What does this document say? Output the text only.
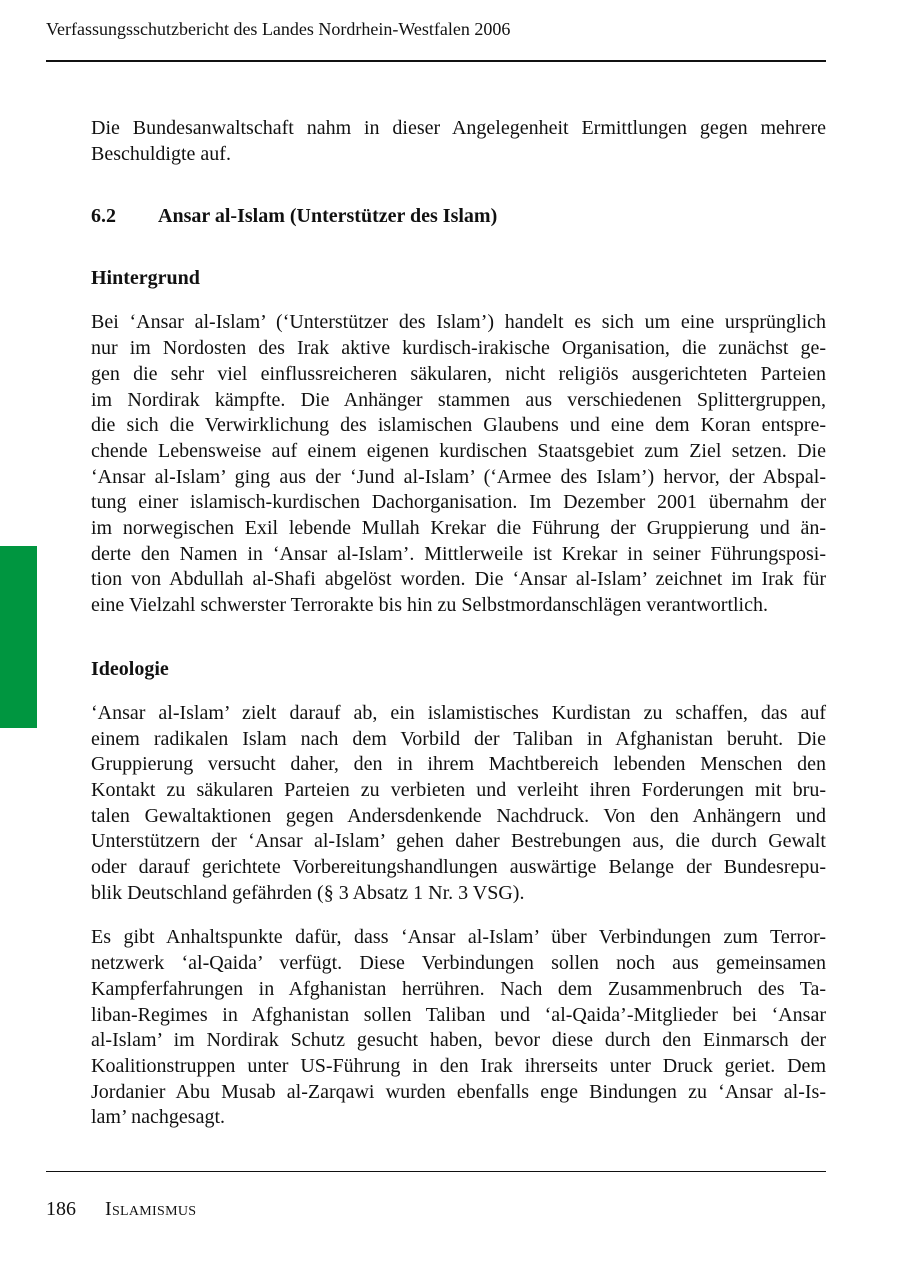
Verfassungsschutzbericht des Landes Nordrhein-Westfalen 2006

Die Bundesanwaltschaft nahm in dieser Angelegenheit Ermittlungen gegen mehrere
Beschuldigte auf.

6.2 Ansar al-Islam (Unterstützer des Islam)

Hintergrund

Bei ‘Ansar al-Islam’ (‘Unterstützer des Islam’) handelt es sich um eine ursprünglich
nur im Nordosten des Irak aktive kurdisch-irakische Organisation, die zunächst ge-
gen die sehr viel einflussreicheren säkularen, nicht religiös ausgerichteten Parteien
im Nordirak kämpfte. Die Anhänger stammen aus verschiedenen Splittergruppen,
die sich die Verwirklichung des islamischen Glaubens und eine dem Koran entspre-
chende Lebensweise auf einem eigenen kurdischen Staatsgebiet zum Ziel setzen. Die
‘Ansar al-Islam’ ging aus der ‘Jund al-Islam’ (‘Armee des Islam’) hervor, der Abspal-
tung einer islamisch-kurdischen Dachorganisation. Im Dezember 2001 übernahm der
im norwegischen Exil lebende Mullah Krekar die Führung der Gruppierung und än-
derte den Namen in ‘Ansar al-Islam’. Mittlerweile ist Krekar in seiner Führungsposi-
tion von Abdullah al-Shafi abgelöst worden. Die ‘Ansar al-Islam’ zeichnet im Irak für
eine Vielzahl schwerster Terrorakte bis hin zu Selbstmordanschlägen verantwortlich.

Ideologie

‘Ansar al-Islam’ zielt darauf ab, ein islamistisches Kurdistan zu schaffen, das auf
einem radikalen Islam nach dem Vorbild der Taliban in Afghanistan beruht. Die
Gruppierung versucht daher, den in ihrem Machtbereich lebenden Menschen den
Kontakt zu säkularen Parteien zu verbieten und verleiht ihren Forderungen mit bru-
talen Gewaltaktionen gegen Andersdenkende Nachdruck. Von den Anhängern und
Unterstützern der ‘Ansar al-Islam’ gehen daher Bestrebungen aus, die durch Gewalt
oder darauf gerichtete Vorbereitungshandlungen auswärtige Belange der Bundesrepu-
blik Deutschland gefährden (§ 3 Absatz 1 Nr. 3 VSG).

Es gibt Anhaltspunkte dafür, dass ‘Ansar al-Islam’ über Verbindungen zum Terror-
netzwerk ‘al-Qaida’ verfügt. Diese Verbindungen sollen noch aus gemeinsamen
Kampferfahrungen in Afghanistan herrühren. Nach dem Zusammenbruch des Ta-
liban-Regimes in Afghanistan sollen Taliban und ‘al-Qaida’-Mitglieder bei ‘Ansar
al-Islam’ im Nordirak Schutz gesucht haben, bevor diese durch den Einmarsch der
Koalitionstruppen unter US-Führung in den Irak ihrerseits unter Druck geriet. Dem
Jordanier Abu Musab al-Zarqawi wurden ebenfalls enge Bindungen zu ‘Ansar al-Is-
lam’ nachgesagt.

186 Islamismus
